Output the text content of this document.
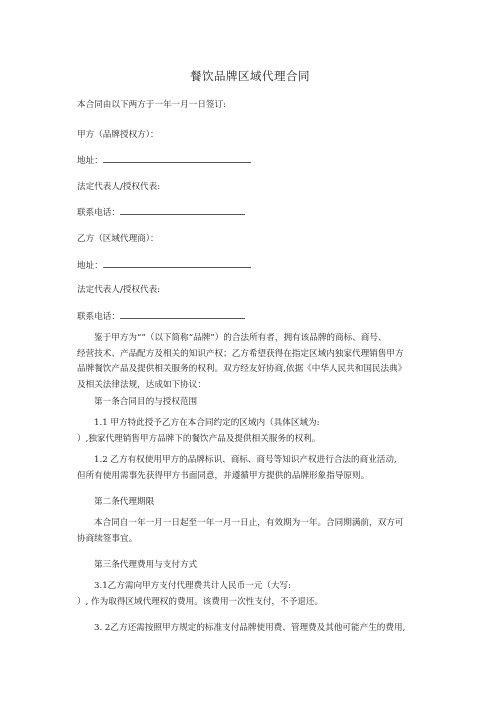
餐饮品牌区域代理合同
本合同由以下两方于一年一月一日签订:
甲方（品牌授权方）：
地址：
法定代表人/授权代表:
联系电话：
乙方（区域代理商）：
地址：
法定代表人/授权代表:
联系电话：
鉴于甲方为“”（以下简称“品牌”）的合法所有者，拥有该品牌的商标、商号、
经营技术、产品配方及相关的知识产权；乙方希望获得在指定区域内独家代理销售甲方
品牌餐饮产品及提供相关服务的权利。双方经友好协商,依据《中华人民共和国民法典》
及相关法律法规，达成如下协议：
第一条合同目的与授权范围
1.1 甲方特此授予乙方在本合同约定的区域内（具体区域为:
）,独家代理销售甲方品牌下的餐饮产品及提供相关服务的权利。
1.2 乙方有权使用甲方的品牌标识、商标、商号等知识产权进行合法的商业活动,
但所有使用需事先获得甲方书面同意，并遵循甲方提供的品牌形象指导原则。
第二条代理期限
本合同自一年一月一日起至一年一月一日止，有效期为一年。合同期满前，双方可
协商续签事宜。
第三条代理费用与支付方式
3.1乙方需向甲方支付代理费共计人民币一元（大写:
）, 作为取得区域代理权的费用。该费用一次性支付，不予退还。
3. 2乙方还需按照甲方规定的标准支付品牌使用费、管理费及其他可能产生的费用,
